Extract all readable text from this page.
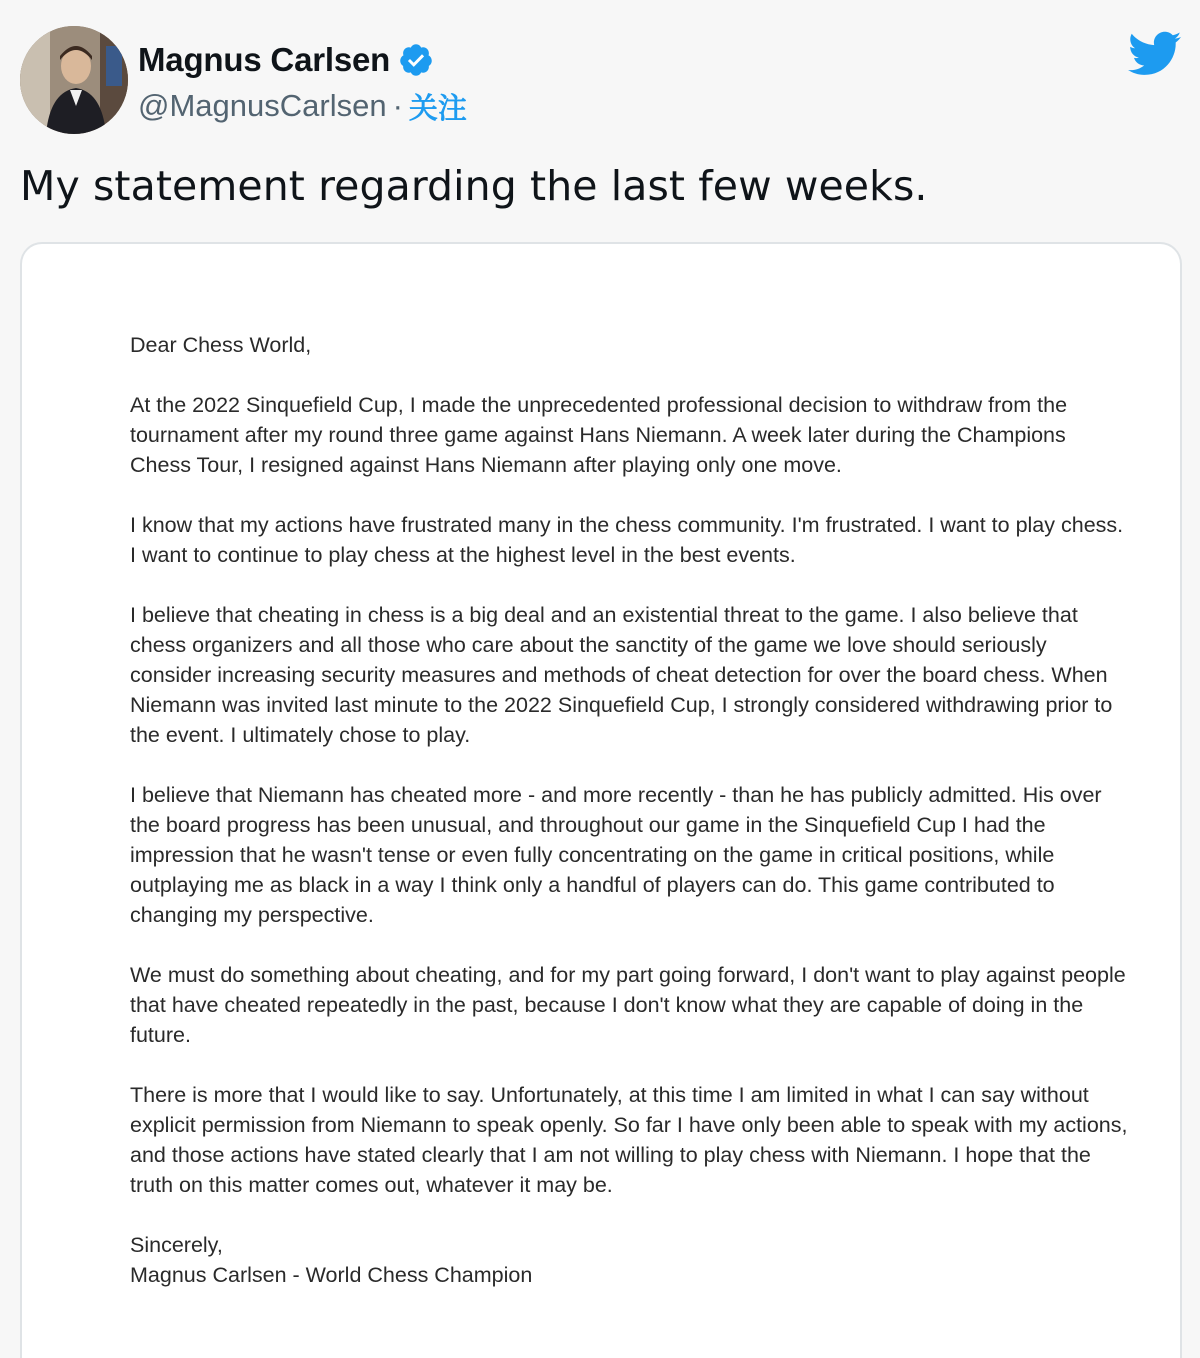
Magnus Carlsen
@MagnusCarlsen · 关注
My statement regarding the last few weeks.

Dear Chess World,

At the 2022 Sinquefield Cup, I made the unprecedented professional decision to withdraw from the tournament after my round three game against Hans Niemann. A week later during the Champions Chess Tour, I resigned against Hans Niemann after playing only one move.

I know that my actions have frustrated many in the chess community. I'm frustrated. I want to play chess. I want to continue to play chess at the highest level in the best events.

I believe that cheating in chess is a big deal and an existential threat to the game. I also believe that chess organizers and all those who care about the sanctity of the game we love should seriously consider increasing security measures and methods of cheat detection for over the board chess. When Niemann was invited last minute to the 2022 Sinquefield Cup, I strongly considered withdrawing prior to the event. I ultimately chose to play.

I believe that Niemann has cheated more - and more recently - than he has publicly admitted. His over the board progress has been unusual, and throughout our game in the Sinquefield Cup I had the impression that he wasn't tense or even fully concentrating on the game in critical positions, while outplaying me as black in a way I think only a handful of players can do. This game contributed to changing my perspective.

We must do something about cheating, and for my part going forward, I don't want to play against people that have cheated repeatedly in the past, because I don't know what they are capable of doing in the future.

There is more that I would like to say. Unfortunately, at this time I am limited in what I can say without explicit permission from Niemann to speak openly. So far I have only been able to speak with my actions, and those actions have stated clearly that I am not willing to play chess with Niemann. I hope that the truth on this matter comes out, whatever it may be.

Sincerely,

Magnus Carlsen - World Chess Champion
